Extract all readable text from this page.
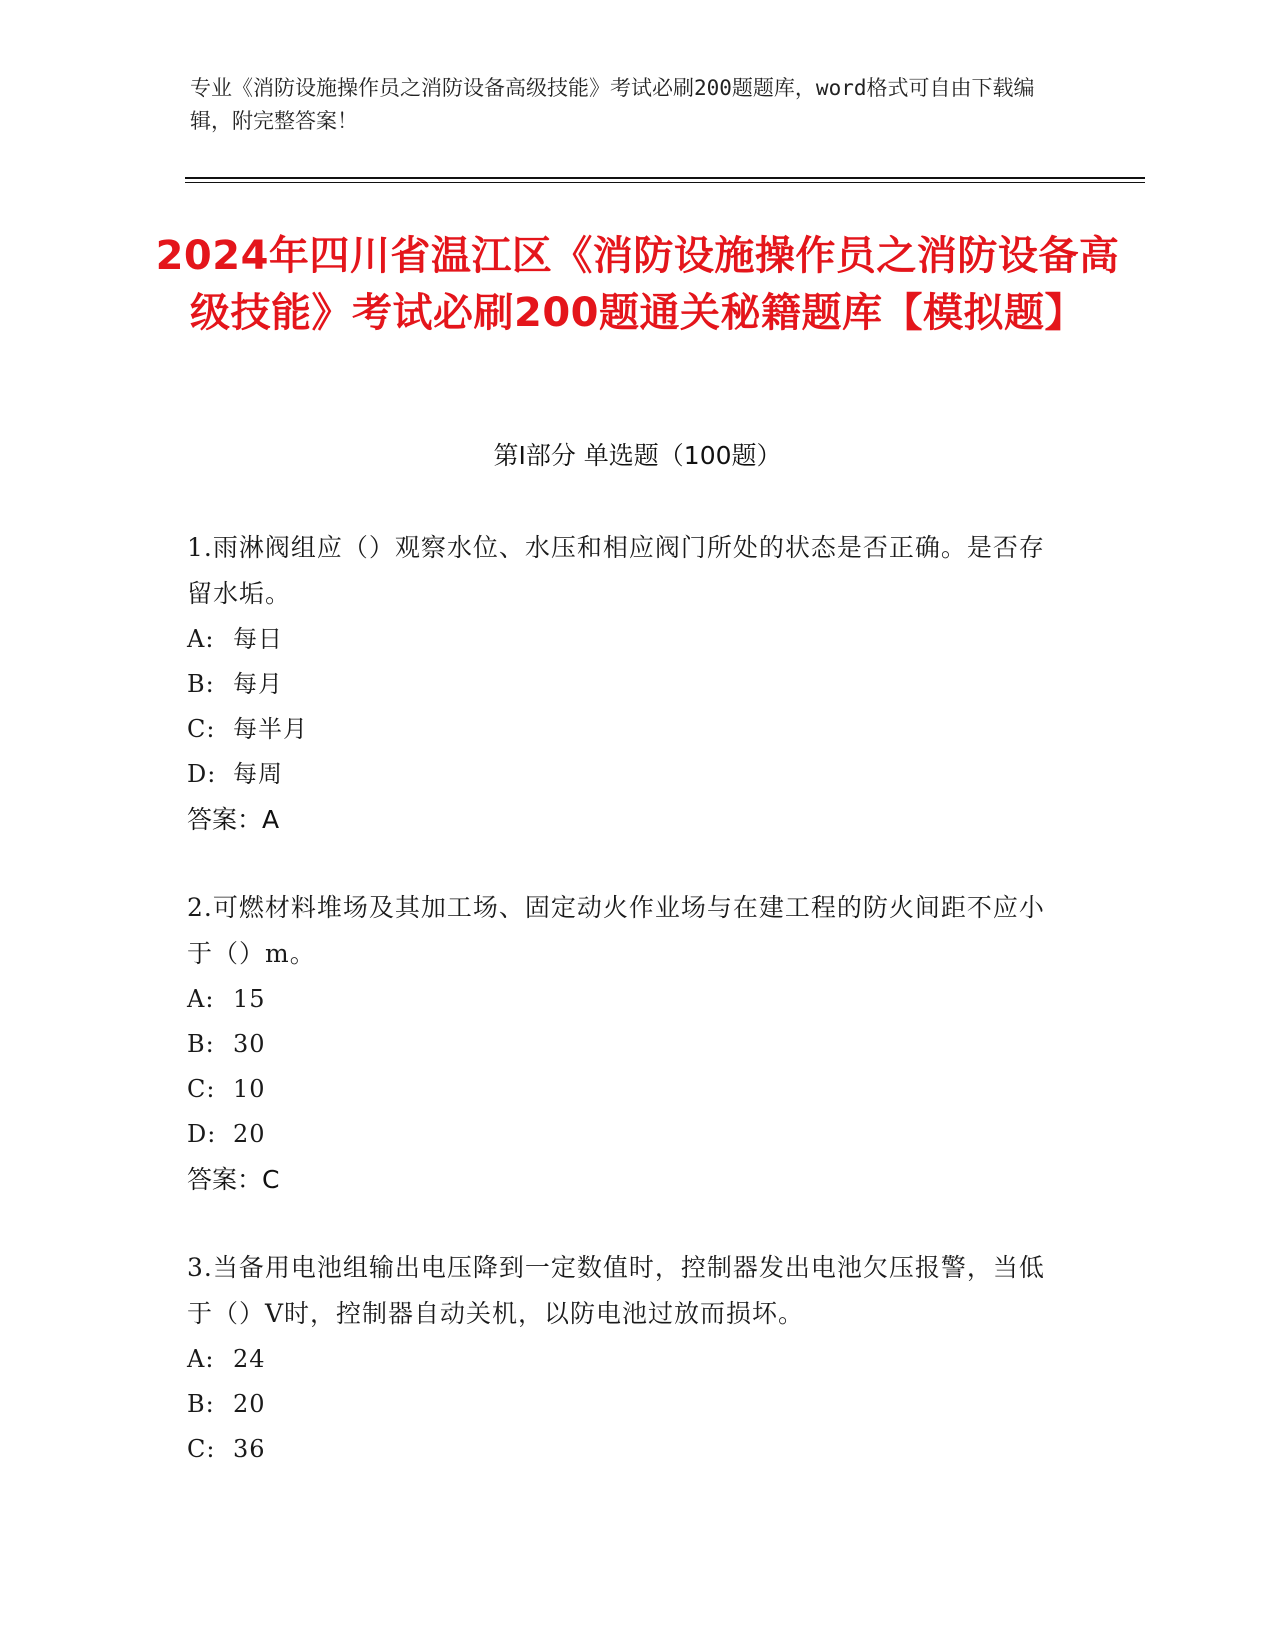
专业《消防设施操作员之消防设备高级技能》考试必刷200题题库，word格式可自由下载编辑，附完整答案！
2024年四川省温江区《消防设施操作员之消防设备高级技能》考试必刷200题通关秘籍题库【模拟题】
第I部分 单选题（100题）

1.雨淋阀组应（）观察水位、水压和相应阀门所处的状态是否正确。是否存留水垢。

A: 每日
B: 每月
C: 每半月
D: 每周
答案：A

2.可燃材料堆场及其加工场、固定动火作业场与在建工程的防火间距不应小于（）m。

A: 15
B: 30
C: 10
D: 20
答案：C

3.当备用电池组输出电压降到一定数值时，控制器发出电池欠压报警，当低于（）V时，控制器自动关机，以防电池过放而损坏。

A: 24
B: 20
C: 36
